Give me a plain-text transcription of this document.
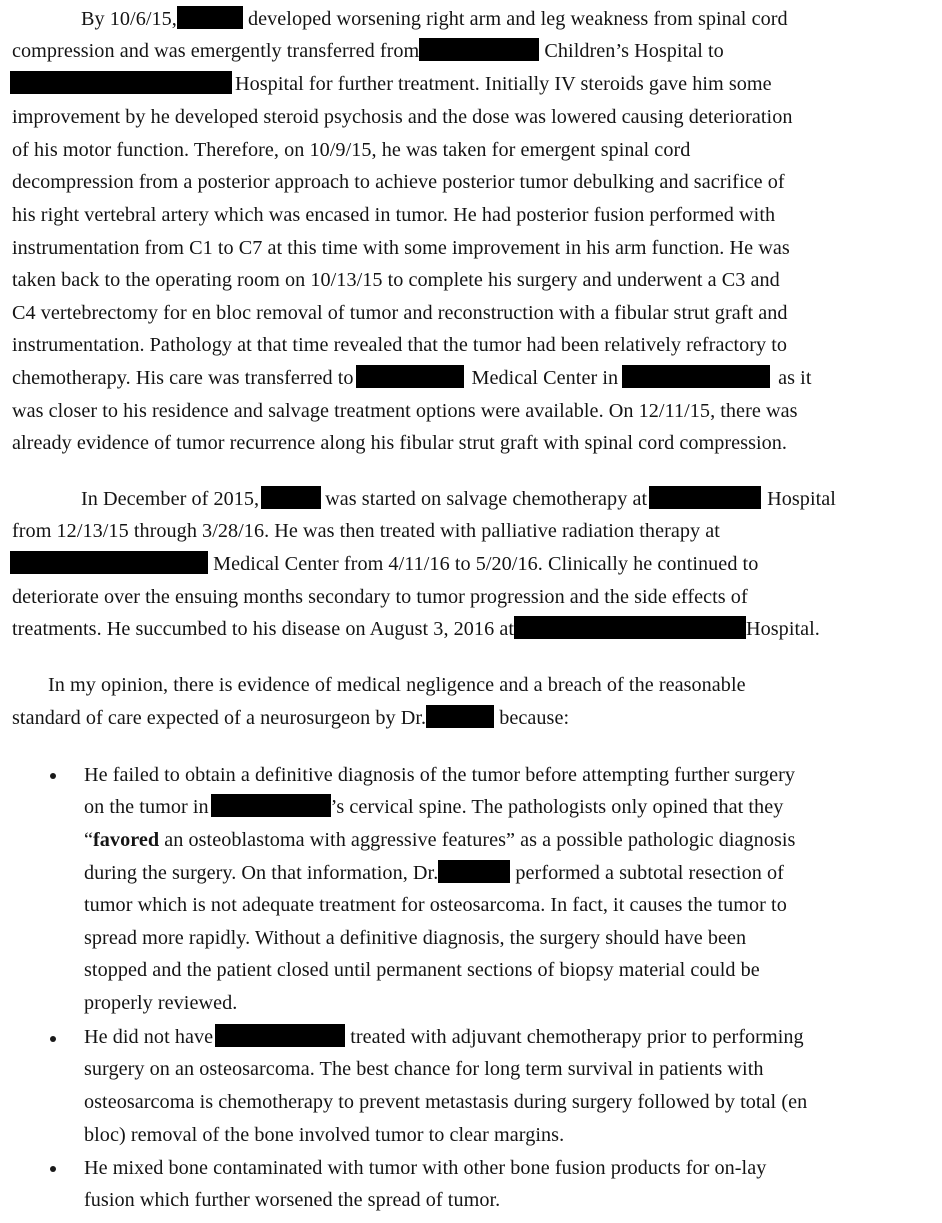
By 10/6/15,	developed worsening right arm and leg weakness from spinal cord
compression and was emergently transferred from	Children’s Hospital to
Hospital for further treatment. Initially IV steroids gave him some
improvement by he developed steroid psychosis and the dose was lowered causing deterioration
of his motor function. Therefore, on 10/9/15, he was taken for emergent spinal cord
decompression from a posterior approach to achieve posterior tumor debulking and sacrifice of
his right vertebral artery which was encased in tumor. He had posterior fusion performed with
instrumentation from C1 to C7 at this time with some improvement in his arm function. He was
taken back to the operating room on 10/13/15 to complete his surgery and underwent a C3 and
C4 vertebrectomy for en bloc removal of tumor and reconstruction with a fibular strut graft and
instrumentation. Pathology at that time revealed that the tumor had been relatively refractory to
chemotherapy. His care was transferred to	Medical Center in	as it
was closer to his residence and salvage treatment options were available. On 12/11/15, there was
already evidence of tumor recurrence along his fibular strut graft with spinal cord compression.
In December of 2015,	was started on salvage chemotherapy at	Hospital
from 12/13/15 through 3/28/16. He was then treated with palliative radiation therapy at
Medical Center from 4/11/16 to 5/20/16. Clinically he continued to
deteriorate over the ensuing months secondary to tumor progression and the side effects of
treatments. He succumbed to his disease on August 3, 2016 at	Hospital.
In my opinion, there is evidence of medical negligence and a breach of the reasonable
standard of care expected of a neurosurgeon by Dr.	because:
He failed to obtain a definitive diagnosis of the tumor before attempting further surgery
on the tumor in	’s cervical spine. The pathologists only opined that they
“favored an osteoblastoma with aggressive features” as a possible pathologic diagnosis
during the surgery. On that information, Dr.	performed a subtotal resection of
tumor which is not adequate treatment for osteosarcoma. In fact, it causes the tumor to
spread more rapidly. Without a definitive diagnosis, the surgery should have been
stopped and the patient closed until permanent sections of biopsy material could be
properly reviewed.
He did not have	treated with adjuvant chemotherapy prior to performing
surgery on an osteosarcoma. The best chance for long term survival in patients with
osteosarcoma is chemotherapy to prevent metastasis during surgery followed by total (en
bloc) removal of the bone involved tumor to clear margins.
He mixed bone contaminated with tumor with other bone fusion products for on-lay
fusion which further worsened the spread of tumor.
